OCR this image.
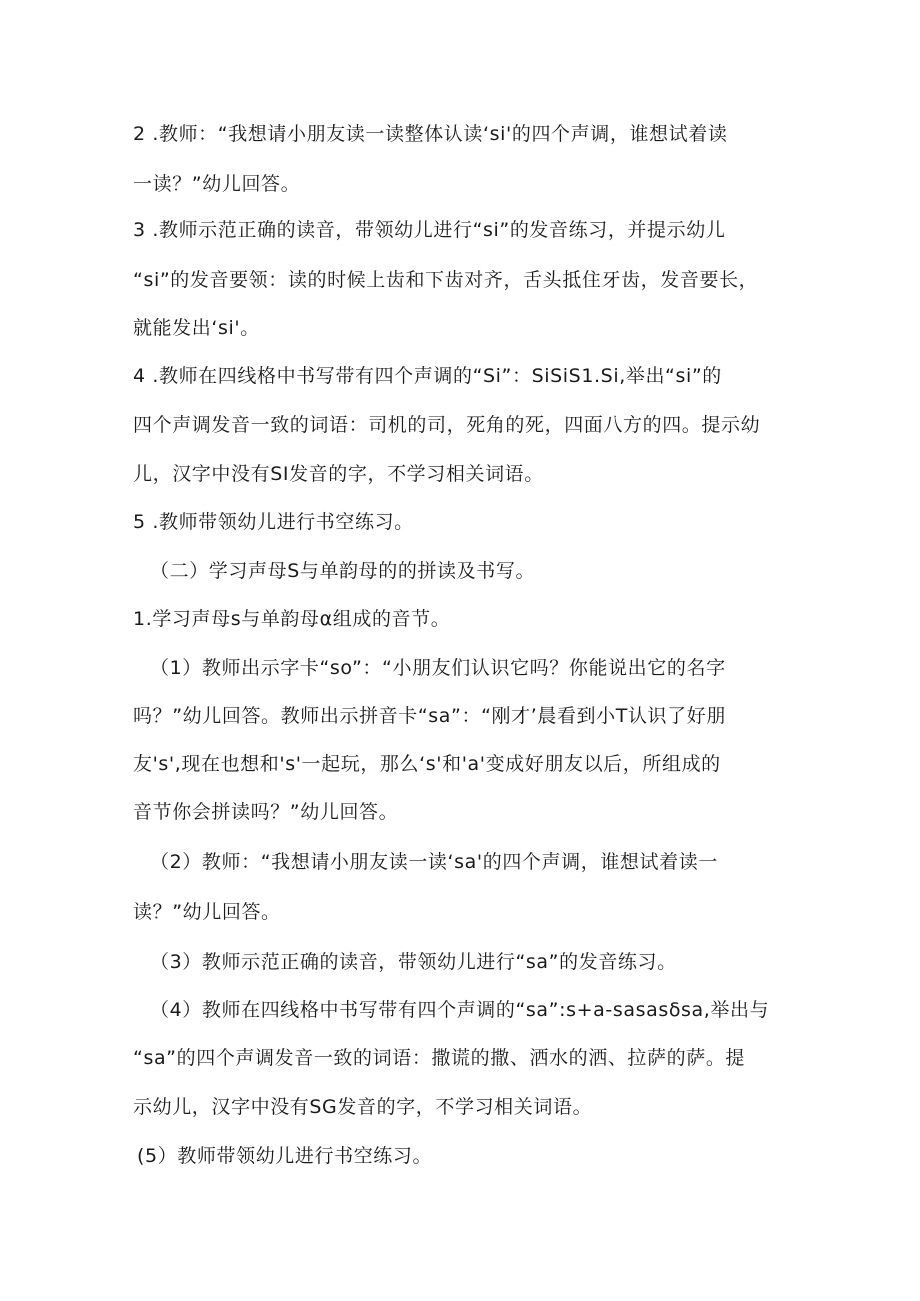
2 .教师：“我想请小朋友读一读整体认读‘si'的四个声调，谁想试着读
一读？”幼儿回答。
3 .教师示范正确的读音，带领幼儿进行“si”的发音练习，并提示幼儿
“si”的发音要领：读的时候上齿和下齿对齐，舌头抵住牙齿，发音要长，
就能发出‘si'。
4 .教师在四线格中书写带有四个声调的“Si”：SiSiS1.Si,举出“si”的
四个声调发音一致的词语：司机的司，死角的死，四面八方的四。提示幼
儿，汉字中没有SI发音的字，不学习相关词语。
5 .教师带领幼儿进行书空练习。
（二）学习声母S与单韵母的的拼读及书写。
1.学习声母s与单韵母α组成的音节。
（1）教师出示字卡“so”：“小朋友们认识它吗？你能说出它的名字
吗？”幼儿回答。教师出示拼音卡“sa”：“刚才’晨看到小T认识了好朋
友's',现在也想和's'一起玩，那么‘s'和'a'变成好朋友以后，所组成的
音节你会拼读吗？”幼儿回答。
（2）教师：“我想请小朋友读一读‘sa'的四个声调，谁想试着读一
读？”幼儿回答。
（3）教师示范正确的读音，带领幼儿进行“sa”的发音练习。
（4）教师在四线格中书写带有四个声调的“sa”:s+a-sasasδsa,举出与
“sa”的四个声调发音一致的词语：撒谎的撒、洒水的洒、拉萨的萨。提
示幼儿，汉字中没有SG发音的字，不学习相关词语。
(5）教师带领幼儿进行书空练习。
